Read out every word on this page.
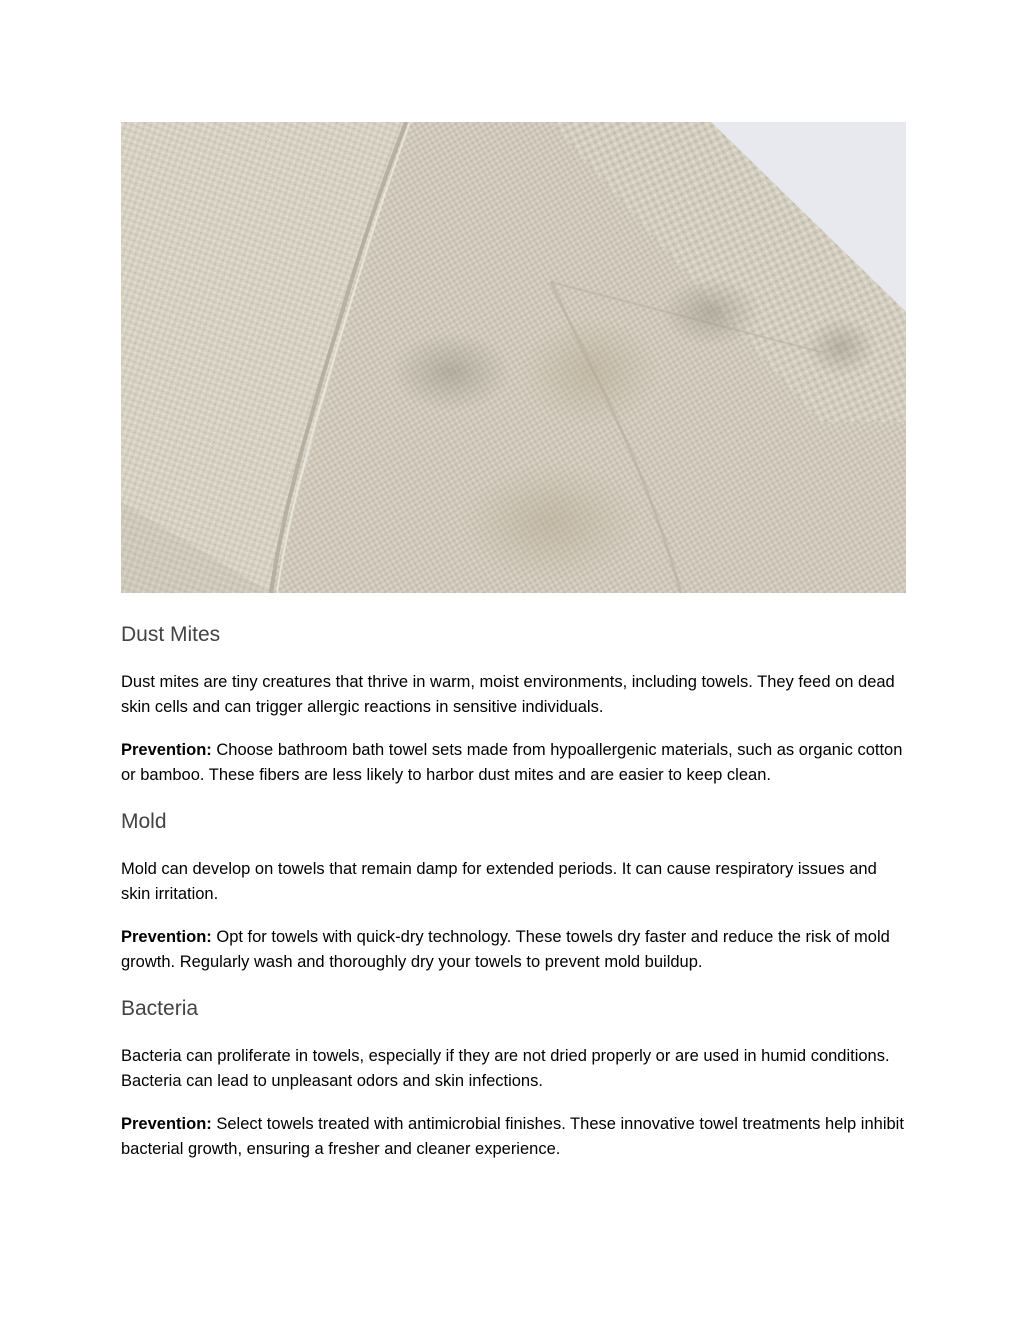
Dust Mites

Dust mites are tiny creatures that thrive in warm, moist environments, including towels. They feed on dead skin cells and can trigger allergic reactions in sensitive individuals.

Prevention: Choose bathroom bath towel sets made from hypoallergenic materials, such as organic cotton or bamboo. These fibers are less likely to harbor dust mites and are easier to keep clean.

Mold

Mold can develop on towels that remain damp for extended periods. It can cause respiratory issues and skin irritation.

Prevention: Opt for towels with quick-dry technology. These towels dry faster and reduce the risk of mold growth. Regularly wash and thoroughly dry your towels to prevent mold buildup.

Bacteria

Bacteria can proliferate in towels, especially if they are not dried properly or are used in humid conditions. Bacteria can lead to unpleasant odors and skin infections.

Prevention: Select towels treated with antimicrobial finishes. These innovative towel treatments help inhibit bacterial growth, ensuring a fresher and cleaner experience.
